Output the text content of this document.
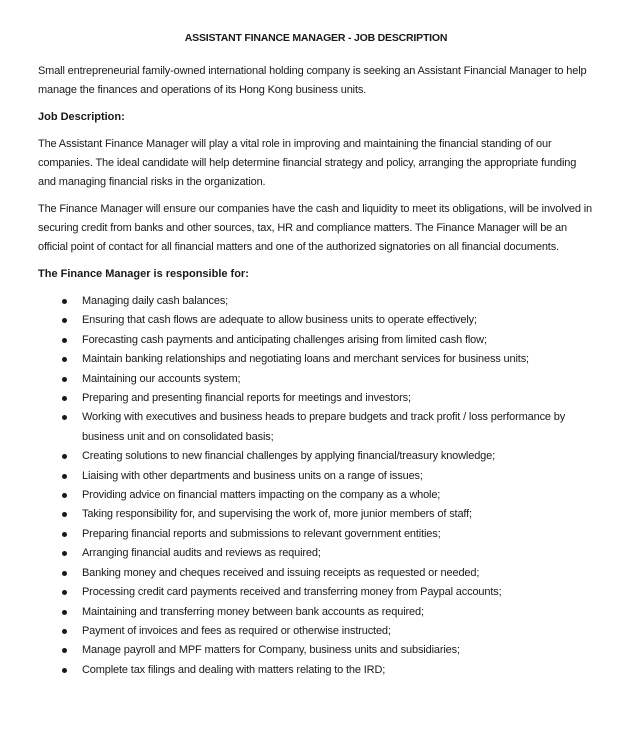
ASSISTANT FINANCE MANAGER - JOB DESCRIPTION

Small entrepreneurial family-owned international holding company is seeking an Assistant Financial Manager to help manage the finances and operations of its Hong Kong business units.

Job Description:

The Assistant Finance Manager will play a vital role in improving and maintaining the financial standing of our companies. The ideal candidate will help determine financial strategy and policy, arranging the appropriate funding and managing financial risks in the organization.

The Finance Manager will ensure our companies have the cash and liquidity to meet its obligations, will be involved in securing credit from banks and other sources, tax, HR and compliance matters. The Finance Manager will be an official point of contact for all financial matters and one of the authorized signatories on all financial documents.

The Finance Manager is responsible for:
Managing daily cash balances;
Ensuring that cash flows are adequate to allow business units to operate effectively;
Forecasting cash payments and anticipating challenges arising from limited cash flow;
Maintain banking relationships and negotiating loans and merchant services for business units;
Maintaining our accounts system;
Preparing and presenting financial reports for meetings and investors;
Working with executives and business heads to prepare budgets and track profit / loss performance by business unit and on consolidated basis;
Creating solutions to new financial challenges by applying financial/treasury knowledge;
Liaising with other departments and business units on a range of issues;
Providing advice on financial matters impacting on the company as a whole;
Taking responsibility for, and supervising the work of, more junior members of staff;
Preparing financial reports and submissions to relevant government entities;
Arranging financial audits and reviews as required;
Banking money and cheques received and issuing receipts as requested or needed;
Processing credit card payments received and transferring money from Paypal accounts;
Maintaining and transferring money between bank accounts as required;
Payment of invoices and fees as required or otherwise instructed;
Manage payroll and MPF matters for Company, business units and subsidiaries;
Complete tax filings and dealing with matters relating to the IRD;
